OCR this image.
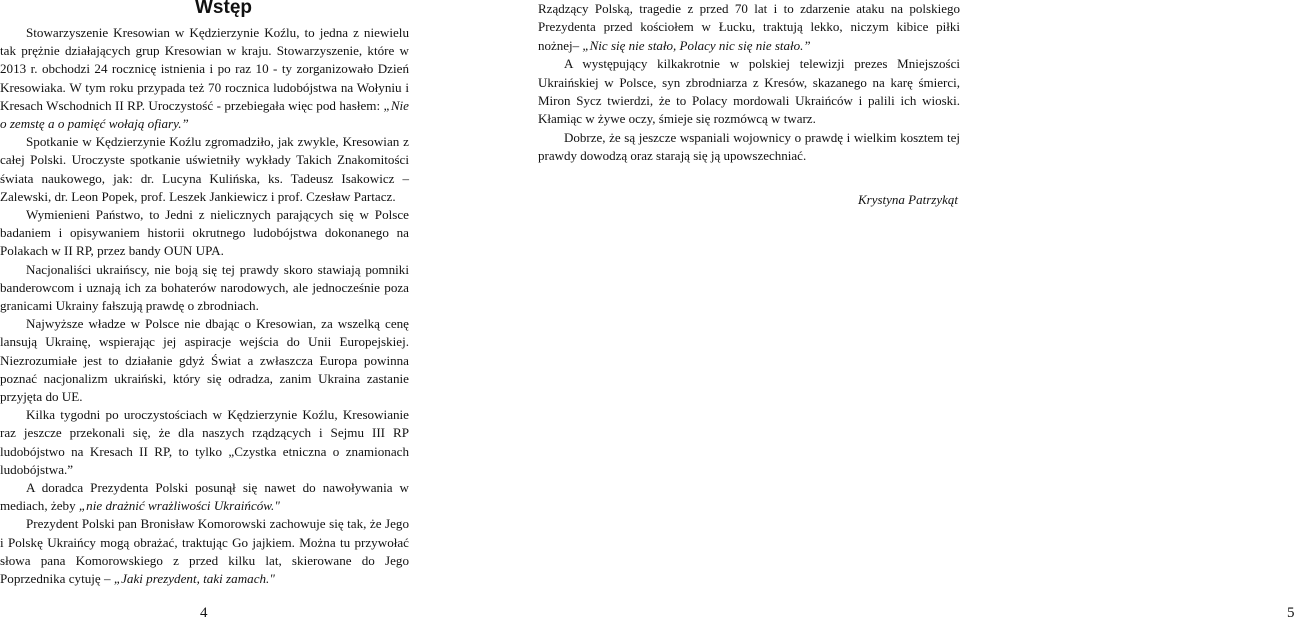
Wstęp

Stowarzyszenie Kresowian w Kędzierzynie Koźlu, to jedna z niewielu tak prężnie działających grup Kresowian w kraju. Stowarzyszenie, które w 2013 r. obchodzi 24 rocznicę istnienia i po raz 10 - ty zorganizowało Dzień Kresowiaka. W tym roku przypada też 70 rocznica ludobójstwa na Wołyniu i Kresach Wschodnich II RP. Uroczystość - przebiegała więc pod hasłem: „Nie o zemstę a o pamięć wołają ofiary.”

Spotkanie w Kędzierzynie Koźlu zgromadziło, jak zwykle, Kresowian z całej Polski. Uroczyste spotkanie uświetniły wykłady Takich Znakomitości świata naukowego, jak: dr. Lucyna Kulińska, ks. Tadeusz Isakowicz – Zalewski, dr. Leon Popek, prof. Leszek Jankiewicz i prof. Czesław Partacz.

Wymienieni Państwo, to Jedni z nielicznych parających się w Polsce badaniem i opisywaniem historii okrutnego ludobójstwa dokonanego na Polakach w II RP, przez bandy OUN UPA.

Nacjonaliści ukraińscy, nie boją się tej prawdy skoro stawiają pomniki banderowcom i uznają ich za bohaterów narodowych, ale jednocześnie poza granicami Ukrainy fałszują prawdę o zbrodniach.

Najwyższe władze w Polsce nie dbając o Kresowian, za wszelką cenę lansują Ukrainę, wspierając jej aspiracje wejścia do Unii Europejskiej. Niezrozumiałe jest to działanie gdyż Świat a zwłaszcza Europa powinna poznać nacjonalizm ukraiński, który się odradza, zanim Ukraina zastanie przyjęta do UE.

Kilka tygodni po uroczystościach w Kędzierzynie Koźlu, Kresowianie raz jeszcze przekonali się, że dla naszych rządzących i Sejmu III RP ludobójstwo na Kresach II RP, to tylko „Czystka etniczna o znamionach ludobójstwa.”

A doradca Prezydenta Polski posunął się nawet do nawoływania w mediach, żeby „nie drażnić wrażliwości Ukraińców."

Prezydent Polski pan Bronisław Komorowski zachowuje się tak, że Jego i Polskę Ukraińcy mogą obrażać, traktując Go jajkiem. Można tu przywołać słowa pana Komorowskiego z przed kilku lat, skierowane do Jego Poprzednika cytuję – „Jaki prezydent, taki zamach."

4

Rządzący Polską, tragedie z przed 70 lat i to zdarzenie ataku na polskiego Prezydenta przed kościołem w Łucku, traktują lekko, niczym kibice piłki nożnej– „Nic się nie stało, Polacy nic się nie stało.”

A występujący kilkakrotnie w polskiej telewizji prezes Mniejszości Ukraińskiej w Polsce, syn zbrodniarza z Kresów, skazanego na karę śmierci, Miron Sycz twierdzi, że to Polacy mordowali Ukraińców i palili ich wioski. Kłamiąc w żywe oczy, śmieje się rozmówcą w twarz.

Dobrze, że są jeszcze wspaniali wojownicy o prawdę i wielkim kosztem tej prawdy dowodzą oraz starają się ją upowszechniać.

Krystyna Patrzykąt
5
